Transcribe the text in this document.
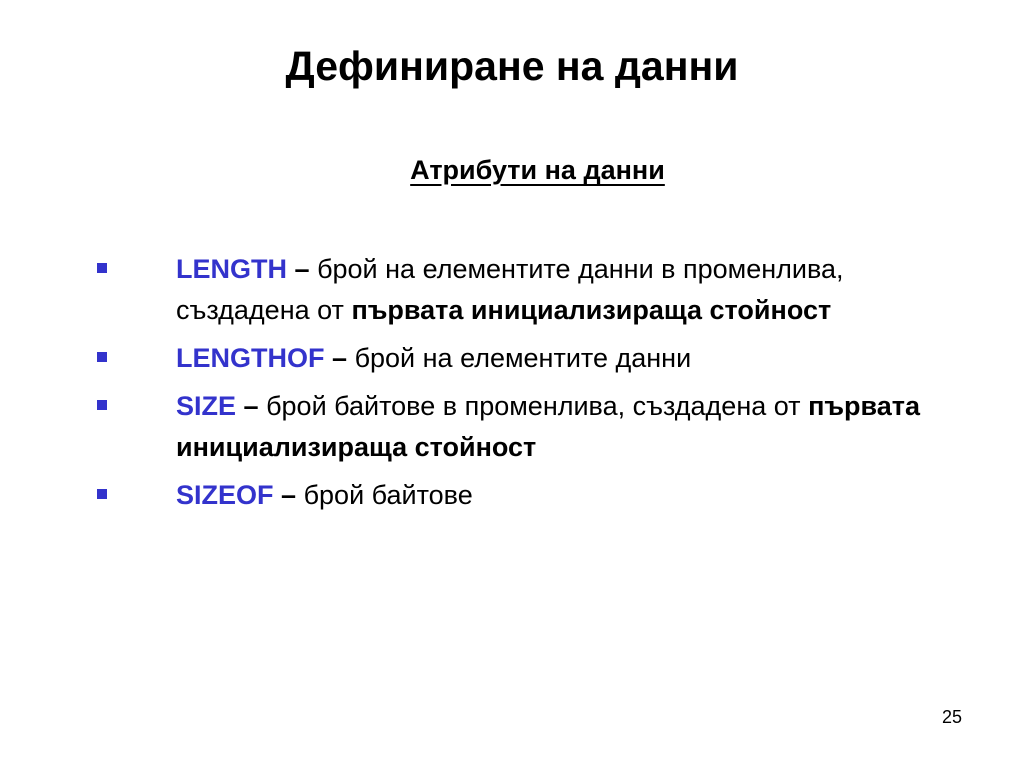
Дефиниране на данни
Атрибути на данни
LENGTH – брой на елементите данни в променлива, създадена от първата инициализираща стойност
LENGTHOF – брой на елементите данни
SIZE – брой байтове в променлива, създадена от първата инициализираща стойност
SIZEOF – брой байтове
25
